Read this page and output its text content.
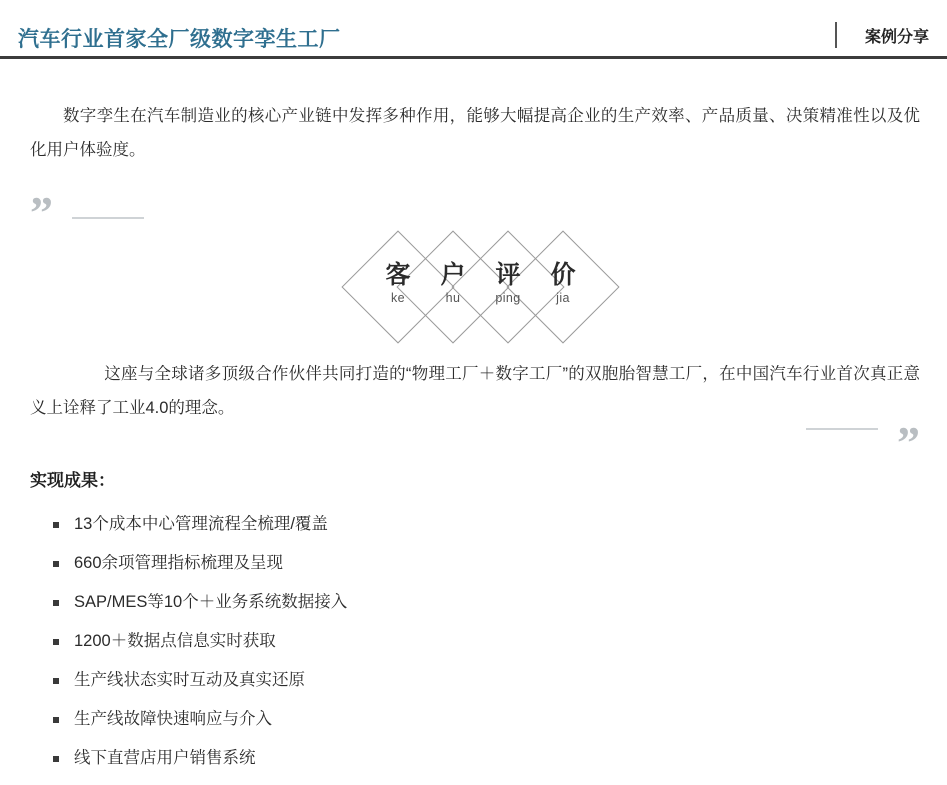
汽车行业首家全厂级数字孪生工厂	案例分享

数字孪生在汽车制造业的核心产业链中发挥多种作用，能够大幅提高企业的生产效率、产品质量、决策精准性以及优化用户体验度。

”
客
ke
户
hu
评
ping
价
jia

这座与全球诸多顶级合作伙伴共同打造的“物理工厂＋数字工厂”的双胞胎智慧工厂，在中国汽车行业首次真正意义上诠释了工业4.0的理念。

”
实现成果：
13个成本中心管理流程全梳理/覆盖
660余项管理指标梳理及呈现
SAP/MES等10个＋业务系统数据接入
1200＋数据点信息实时获取
生产线状态实时互动及真实还原
生产线故障快速响应与介入
线下直营店用户销售系统
